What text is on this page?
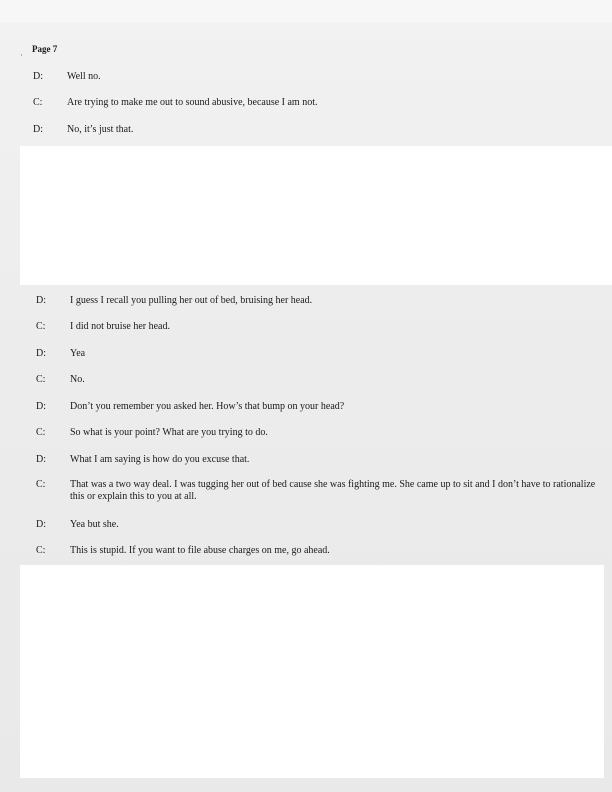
·
Page 7
D:	Well no.
C:	Are trying to make me out to sound abusive, because I am not.
D:	No, it’s just that.
D:	I guess I recall you pulling her out of bed, bruising her head.
C:	I did not bruise her head.
D:	Yea
C:	No.
D:	Don’t you remember you asked her. How’s that bump on your head?
C:	So what is your point? What are you trying to do.
D:	What I am saying is how do you excuse that.
C:	That was a two way deal. I was tugging her out of bed cause she was fighting me. She came up to sit and I don’t have to rationalize this or explain this to you at all.
D:	Yea but she.
C:	This is stupid. If you want to file abuse charges on me, go ahead.
